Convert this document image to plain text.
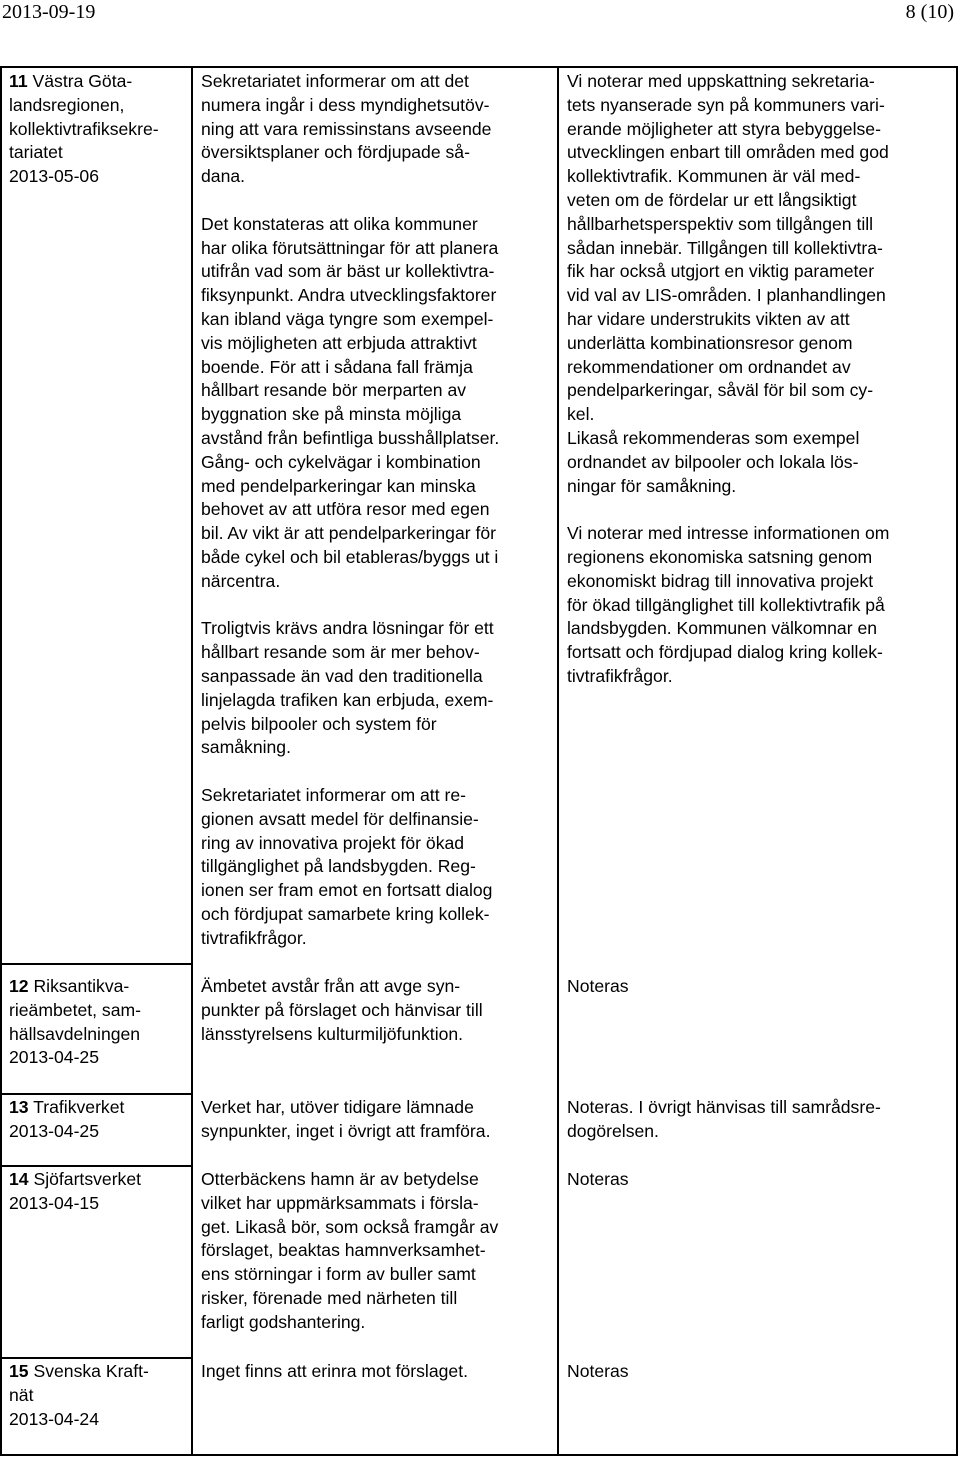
2013-09-19	8 (10)

11 Västra Göta-

landsregionen,

kollektivtrafiksekre-

tariatet

2013-05-06

Sekretariatet informerar om att det

numera ingår i dess myndighetsutöv-

ning att vara remissinstans avseende

översiktsplaner och fördjupade så-

dana.

Det konstateras att olika kommuner

har olika förutsättningar för att planera

utifrån vad som är bäst ur kollektivtra-

fiksynpunkt. Andra utvecklingsfaktorer

kan ibland väga tyngre som exempel-

vis möjligheten att erbjuda attraktivt

boende. För att i sådana fall främja

hållbart resande bör merparten av

byggnation ske på minsta möjliga

avstånd från befintliga busshållplatser.

Gång- och cykelvägar i kombination

med pendelparkeringar kan minska

behovet av att utföra resor med egen

bil. Av vikt är att pendelparkeringar för

både cykel och bil etableras/byggs ut i

närcentra.

Troligtvis krävs andra lösningar för ett

hållbart resande som är mer behov-

sanpassade än vad den traditionella

linjelagda trafiken kan erbjuda, exem-

pelvis bilpooler och system för

samåkning.

Sekretariatet informerar om att re-

gionen avsatt medel för delfinansie-

ring av innovativa projekt för ökad

tillgänglighet på landsbygden. Reg-

ionen ser fram emot en fortsatt dialog

och fördjupat samarbete kring kollek-

tivtrafikfrågor.

Vi noterar med uppskattning sekretaria-

tets nyanserade syn på kommuners vari-

erande möjligheter att styra bebyggelse-

utvecklingen enbart till områden med god

kollektivtrafik. Kommunen är väl med-

veten om de fördelar ur ett långsiktigt

hållbarhetsperspektiv som tillgången till

sådan innebär. Tillgången till kollektivtra-

fik har också utgjort en viktig parameter

vid val av LIS-områden. I planhandlingen

har vidare understrukits vikten av att

underlätta kombinationsresor genom

rekommendationer om ordnandet av

pendelparkeringar, såväl för bil som cy-

kel.

Likaså rekommenderas som exempel

ordnandet av bilpooler och lokala lös-

ningar för samåkning.

Vi noterar med intresse informationen om

regionens ekonomiska satsning genom

ekonomiskt bidrag till innovativa projekt

för ökad tillgänglighet till kollektivtrafik på

landsbygden. Kommunen välkomnar en

fortsatt och fördjupad dialog kring kollek-

tivtrafikfrågor.

12 Riksantikva-

rieämbetet, sam-

hällsavdelningen

2013-04-25

Ämbetet avstår från att avge syn-

punkter på förslaget och hänvisar till

länsstyrelsens kulturmiljöfunktion.

Noteras

13 Trafikverket

2013-04-25

Verket har, utöver tidigare lämnade

synpunkter, inget i övrigt att framföra.

Noteras. I övrigt hänvisas till samrådsre-

dogörelsen.

14 Sjöfartsverket

2013-04-15

Otterbäckens hamn är av betydelse

vilket har uppmärksammats i försla-

get. Likaså bör, som också framgår av

förslaget, beaktas hamnverksamhet-

ens störningar i form av buller samt

risker, förenade med närheten till

farligt godshantering.

Noteras

15 Svenska Kraft-

nät

2013-04-24

Inget finns att erinra mot förslaget.	Noteras
